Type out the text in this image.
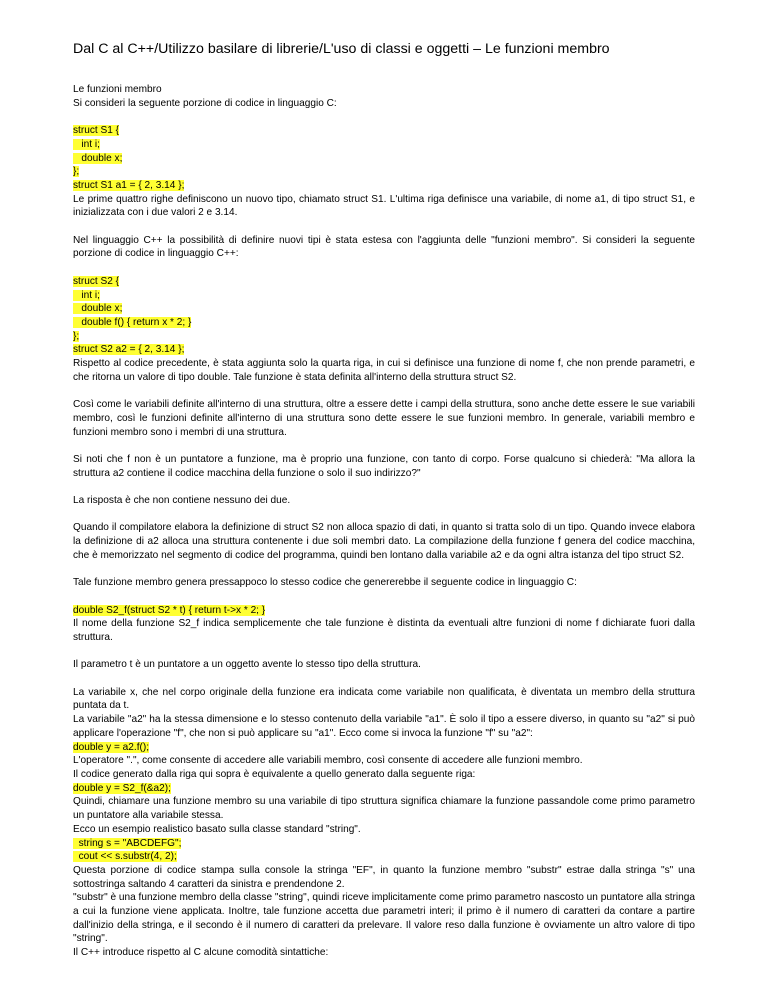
Dal C al C++/Utilizzo basilare di librerie/L'uso di classi e oggetti – Le funzioni membro

Le funzioni membro

Si consideri la seguente porzione di codice in linguaggio C:

struct S1 {
int i;
double x;
};
struct S1 a1 = { 2, 3.14 };

Le prime quattro righe definiscono un nuovo tipo, chiamato struct S1. L'ultima riga definisce una variabile, di nome a1, di tipo struct S1, e inizializzata con i due valori 2 e 3.14.

Nel linguaggio C++ la possibilità di definire nuovi tipi è stata estesa con l'aggiunta delle "funzioni membro". Si consideri la seguente porzione di codice in linguaggio C++:

struct S2 {
int i;
double x;
double f() { return x * 2; }
};
struct S2 a2 = { 2, 3.14 };

Rispetto al codice precedente, è stata aggiunta solo la quarta riga, in cui si definisce una funzione di nome f, che non prende parametri, e che ritorna un valore di tipo double. Tale funzione è stata definita all'interno della struttura struct S2.

Così come le variabili definite all'interno di una struttura, oltre a essere dette i campi della struttura, sono anche dette essere le sue variabili membro, così le funzioni definite all'interno di una struttura sono dette essere le sue funzioni membro. In generale, variabili membro e funzioni membro sono i membri di una struttura.

Si noti che f non è un puntatore a funzione, ma è proprio una funzione, con tanto di corpo. Forse qualcuno si chiederà: "Ma allora la struttura a2 contiene il codice macchina della funzione o solo il suo indirizzo?"

La risposta è che non contiene nessuno dei due.

Quando il compilatore elabora la definizione di struct S2 non alloca spazio di dati, in quanto si tratta solo di un tipo. Quando invece elabora la definizione di a2 alloca una struttura contenente i due soli membri dato. La compilazione della funzione f genera del codice macchina, che è memorizzato nel segmento di codice del programma, quindi ben lontano dalla variabile a2 e da ogni altra istanza del tipo struct S2.

Tale funzione membro genera pressappoco lo stesso codice che genererebbe il seguente codice in linguaggio C:

double S2_f(struct S2 * t) { return t->x * 2; }

Il nome della funzione S2_f indica semplicemente che tale funzione è distinta da eventuali altre funzioni di nome f dichiarate fuori dalla struttura.

Il parametro t è un puntatore a un oggetto avente lo stesso tipo della struttura.

La variabile x, che nel corpo originale della funzione era indicata come variabile non qualificata, è diventata un membro della struttura puntata da t.

La variabile "a2" ha la stessa dimensione e lo stesso contenuto della variabile "a1". È solo il tipo a essere diverso, in quanto su "a2" si può applicare l'operazione "f", che non si può applicare su "a1". Ecco come si invoca la funzione "f" su "a2":

double y = a2.f();

L'operatore ".", come consente di accedere alle variabili membro, così consente di accedere alle funzioni membro.

Il codice generato dalla riga qui sopra è equivalente a quello generato dalla seguente riga:

double y = S2_f(&a2);

Quindi, chiamare una funzione membro su una variabile di tipo struttura significa chiamare la funzione passandole come primo parametro un puntatore alla variabile stessa.

Ecco un esempio realistico basato sulla classe standard "string".

string s = "ABCDEFG";
cout << s.substr(4, 2);

Questa porzione di codice stampa sulla console la stringa "EF", in quanto la funzione membro "substr" estrae dalla stringa "s" una sottostringa saltando 4 caratteri da sinistra e prendendone 2.

"substr" è una funzione membro della classe "string", quindi riceve implicitamente come primo parametro nascosto un puntatore alla stringa a cui la funzione viene applicata. Inoltre, tale funzione accetta due parametri interi; il primo è il numero di caratteri da contare a partire dall'inizio della stringa, e il secondo è il numero di caratteri da prelevare. Il valore reso dalla funzione è ovviamente un altro valore di tipo "string".

Il C++ introduce rispetto al C alcune comodità sintattiche:
